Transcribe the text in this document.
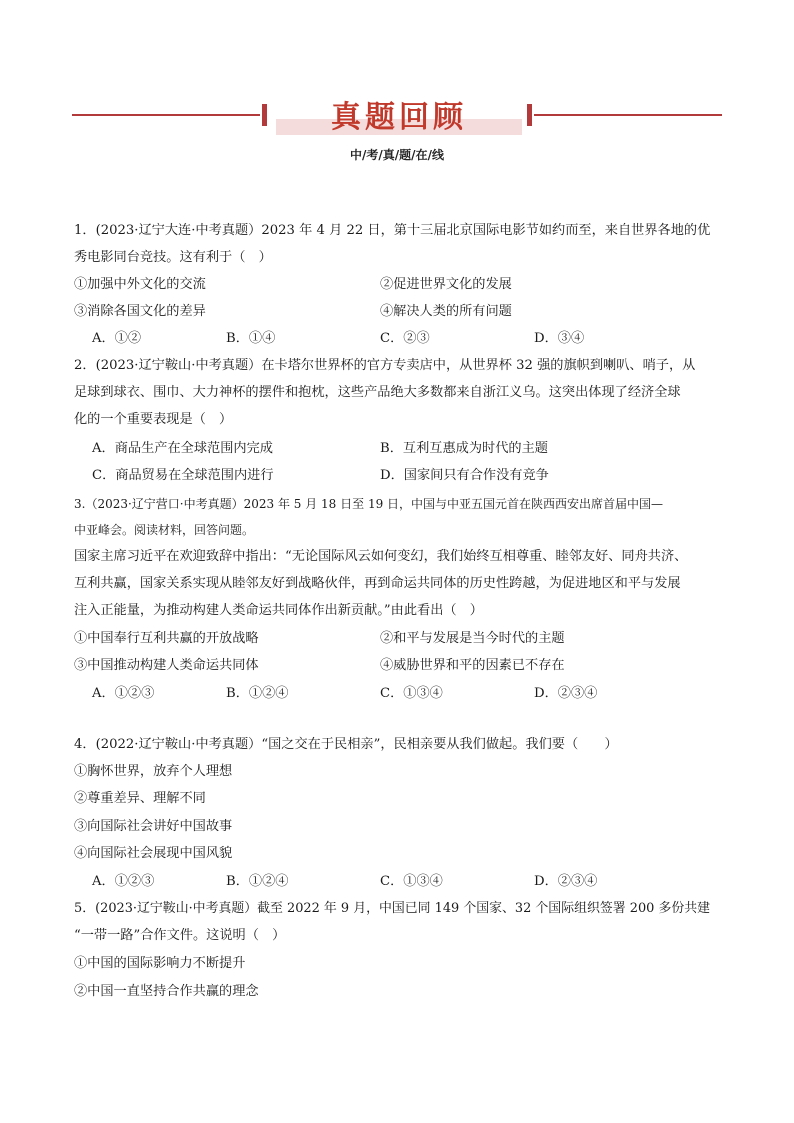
真题回顾
中/考/真/题/在/线
1．(2023·辽宁大连·中考真题）2023 年 4 月 22 日，第十三届北京国际电影节如约而至，来自世界各地的优
秀电影同台竞技。这有利于（　）
①加强中外文化的交流	②促进世界文化的发展
③消除各国文化的差异	④解决人类的所有问题
A．①②	B．①④	C．②③	D．③④
2．(2023·辽宁鞍山·中考真题）在卡塔尔世界杯的官方专卖店中，从世界杯 32 强的旗帜到喇叭、哨子，从
足球到球衣、围巾、大力神杯的摆件和抱枕，这些产品绝大多数都来自浙江义乌。这突出体现了经济全球
化的一个重要表现是（　）
A．商品生产在全球范围内完成	B．互利互惠成为时代的主题
C．商品贸易在全球范围内进行	D．国家间只有合作没有竞争
3.（2023·辽宁营口·中考真题）2023 年 5 月 18 日至 19 日，中国与中亚五国元首在陕西西安出席首届中国—
中亚峰会。阅读材料，回答问题。
国家主席习近平在欢迎致辞中指出：“无论国际风云如何变幻，我们始终互相尊重、睦邻友好、同舟共济、
互利共赢，国家关系实现从睦邻友好到战略伙伴，再到命运共同体的历史性跨越，为促进地区和平与发展
注入正能量，为推动构建人类命运共同体作出新贡献。”由此看出（　）
①中国奉行互利共赢的开放战略	②和平与发展是当今时代的主题
③中国推动构建人类命运共同体	④威胁世界和平的因素已不存在
A．①②③	B．①②④	C．①③④	D．②③④
4．(2022·辽宁鞍山·中考真题）“国之交在于民相亲”，民相亲要从我们做起。我们要（　　）
①胸怀世界，放弃个人理想
②尊重差异、理解不同
③向国际社会讲好中国故事
④向国际社会展现中国风貌
A．①②③	B．①②④	C．①③④	D．②③④
5．(2023·辽宁鞍山·中考真题）截至 2022 年 9 月，中国已同 149 个国家、32 个国际组织签署 200 多份共建
“一带一路”合作文件。这说明（　）
①中国的国际影响力不断提升
②中国一直坚持合作共赢的理念
